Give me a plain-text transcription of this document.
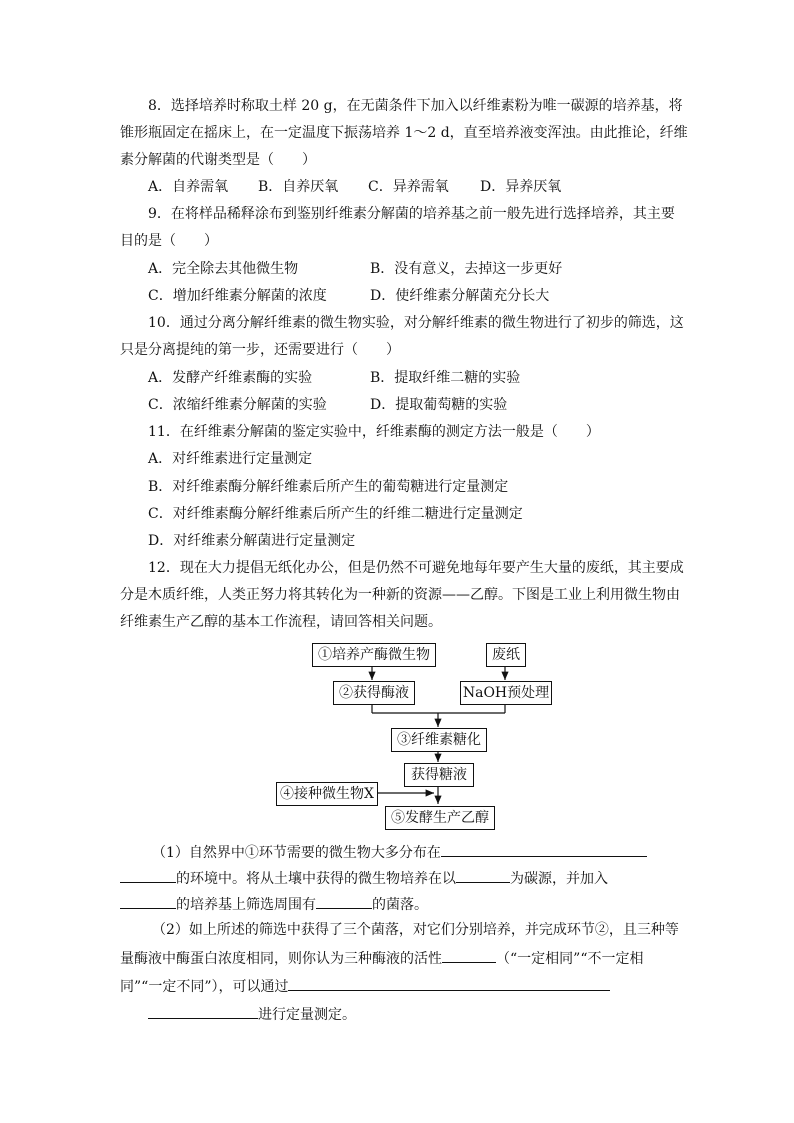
8．选择培养时称取土样 20 g，在无菌条件下加入以纤维素粉为唯一碳源的培养基，将
锥形瓶固定在摇床上，在一定温度下振荡培养 1～2 d，直至培养液变浑浊。由此推论，纤维
素分解菌的代谢类型是（　　）
A．自养需氧 B．自养厌氧 C．异养需氧 D．异养厌氧
9．在将样品稀释涂布到鉴别纤维素分解菌的培养基之前一般先进行选择培养，其主要
目的是（　　）
A．完全除去其他微生物	B．没有意义，去掉这一步更好
C．增加纤维素分解菌的浓度	D．使纤维素分解菌充分长大
10．通过分离分解纤维素的微生物实验，对分解纤维素的微生物进行了初步的筛选，这
只是分离提纯的第一步，还需要进行（　　）
A．发酵产纤维素酶的实验	B．提取纤维二糖的实验
C．浓缩纤维素分解菌的实验	D．提取葡萄糖的实验
11．在纤维素分解菌的鉴定实验中，纤维素酶的测定方法一般是（　　）
A．对纤维素进行定量测定
B．对纤维素酶分解纤维素后所产生的葡萄糖进行定量测定
C．对纤维素酶分解纤维素后所产生的纤维二糖进行定量测定
D．对纤维素分解菌进行定量测定
12．现在大力提倡无纸化办公，但是仍然不可避免地每年要产生大量的废纸，其主要成
分是木质纤维，人类正努力将其转化为一种新的资源——乙醇。下图是工业上利用微生物由
纤维素生产乙醇的基本工作流程，请回答相关问题。
①培养产酶微生物	废纸
②获得酶液	NaOH预处理
③纤维素糖化
获得糖液
④接种微生物X
⑤发酵生产乙醇
（1）自然界中①环节需要的微生物大多分布在
的环境中。将从土壤中获得的微生物培养在以	为碳源，并加入
的培养基上筛选周围有	的菌落。
（2）如上所述的筛选中获得了三个菌落，对它们分别培养，并完成环节②，且三种等
量酶液中酶蛋白浓度相同，则你认为三种酶液的活性	（“一定相同”“不一定相
同”“一定不同”），可以通过
进行定量测定。
